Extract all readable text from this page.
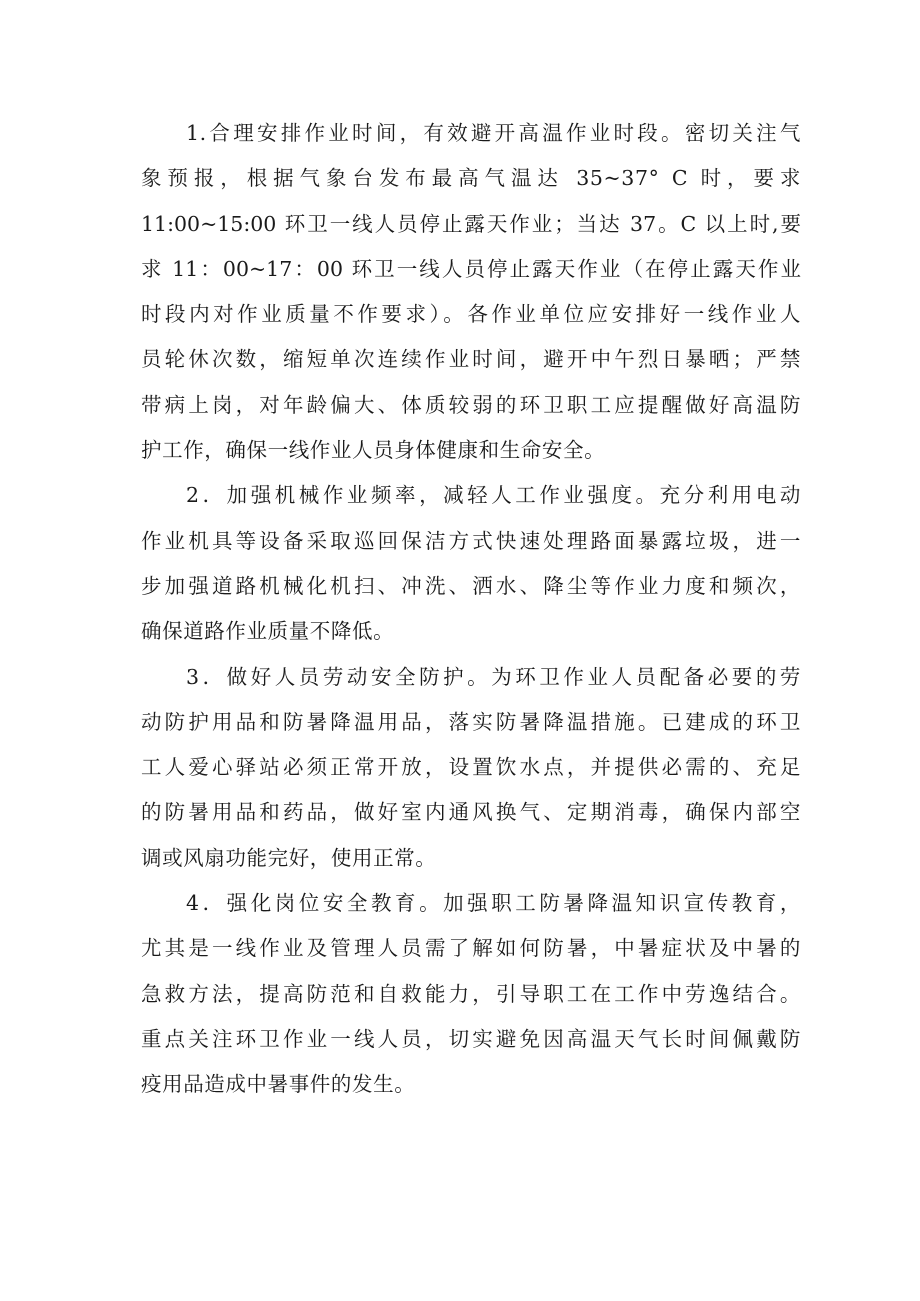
1.合理安排作业时间，有效避开高温作业时段。密切关注气
象预报，根据气象台发布最高气温达 35~37° C 时，要求
11:00~15:00 环卫一线人员停止露天作业；当达 37。C 以上时,要
求 11：00~17：00 环卫一线人员停止露天作业（在停止露天作业
时段内对作业质量不作要求）。各作业单位应安排好一线作业人
员轮休次数，缩短单次连续作业时间，避开中午烈日暴晒；严禁
带病上岗，对年龄偏大、体质较弱的环卫职工应提醒做好高温防
护工作，确保一线作业人员身体健康和生命安全。
2．加强机械作业频率，减轻人工作业强度。充分利用电动
作业机具等设备采取巡回保洁方式快速处理路面暴露垃圾，进一
步加强道路机械化机扫、冲洗、洒水、降尘等作业力度和频次，
确保道路作业质量不降低。
3．做好人员劳动安全防护。为环卫作业人员配备必要的劳
动防护用品和防暑降温用品，落实防暑降温措施。已建成的环卫
工人爱心驿站必须正常开放，设置饮水点，并提供必需的、充足
的防暑用品和药品，做好室内通风换气、定期消毒，确保内部空
调或风扇功能完好，使用正常。
4．强化岗位安全教育。加强职工防暑降温知识宣传教育，
尤其是一线作业及管理人员需了解如何防暑，中暑症状及中暑的
急救方法，提高防范和自救能力，引导职工在工作中劳逸结合。
重点关注环卫作业一线人员，切实避免因高温天气长时间佩戴防
疫用品造成中暑事件的发生。
